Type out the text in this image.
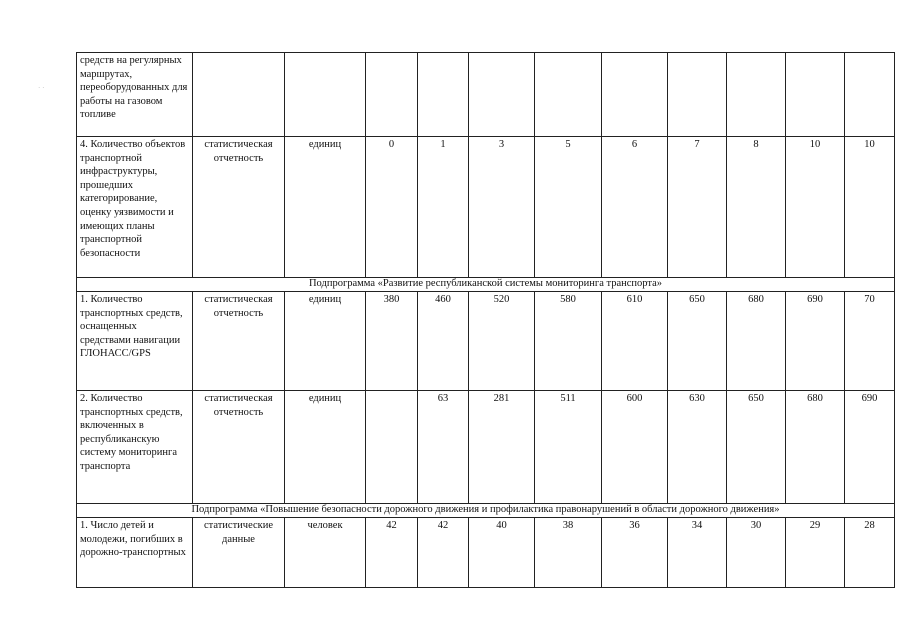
· ·
средств на регулярных маршрутах, переоборудованных для работы на газовом топливе											
4. Количество объектов транспортной инфраструктуры, прошедших категорирование, оценку уязвимости и имеющих планы транспортной безопасности	статистическая отчетность	единиц	0	1	3	5	6	7	8	10	10
Подпрограмма «Развитие республиканской системы мониторинга транспорта»											
1. Количество транспортных средств, оснащенных средствами навигации ГЛОНАСС/GPS	статистическая отчетность	единиц	380	460	520	580	610	650	680	690	70
2. Количество транспортных средств, включенных в республиканскую систему мониторинга транспорта	статистическая отчетность	единиц		63	281	511	600	630	650	680	690
Подпрограмма «Повышение безопасности дорожного движения и профилактика правонарушений в области дорожного движения»											
1. Число детей и молодежи, погибших в дорожно-транспортных	статистические данные	человек	42	42	40	38	36	34	30	29	28
